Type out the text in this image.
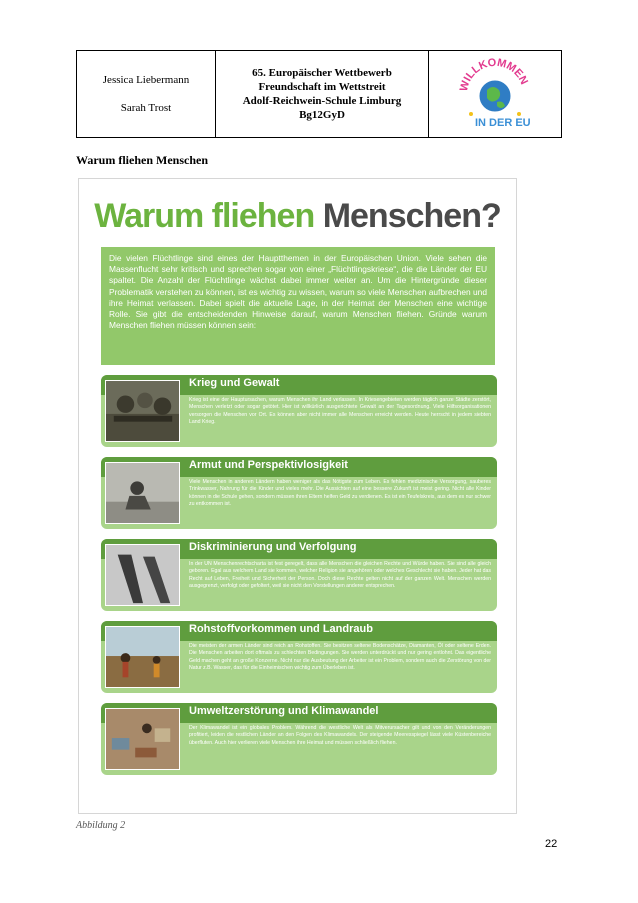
Jessica Liebermann
Sarah Trost
65. Europäischer Wettbewerb
Freundschaft im Wettstreit
Adolf-Reichwein-Schule Limburg
Bg12GyD
WILLKOMMEN
IN DER EU
Warum fliehen Menschen
Warum fliehen Menschen?
Die vielen Flüchtlinge sind eines der Hauptthemen in der Europäischen Union. Viele sehen die Massenflucht sehr kritisch und sprechen sogar von einer „Flüchtlingskriese“, die die Länder der EU spaltet. Die Anzahl der Flüchtlinge wächst dabei immer weiter an. Um die Hintergründe dieser Problematik verstehen zu können, ist es wichtig zu wissen, warum so viele Menschen aufbrechen und ihre Heimat verlassen. Dabei spielt die aktuelle Lage, in der Heimat der Menschen eine wichtige Rolle. Sie gibt die entscheidenden Hinweise darauf, warum Menschen fliehen. Gründe warum Menschen fliehen müssen können sein:
Krieg und Gewalt
Krieg ist eine der Hauptursachen, warum Menschen ihr Land verlassen. In Kriesengebieten werden täglich ganze Städte zerstört, Menschen verletzt oder sogar getötet. Hier ist willkürlich ausgerichtete Gewalt an der Tagesordnung. Viele Hilfsorganisationen versorgen die Menschen vor Ort. Es können aber nicht immer alle Menschen erreicht werden. Heute herrscht in jedem siebten Land Krieg.
Armut und Perspektivlosigkeit
Viele Menschen in anderen Ländern haben weniger als das Nötigste zum Leben. Es fehlen medizinische Versorgung, sauberes Trinkwasser, Nahrung für die Kinder und vieles mehr. Die Aussichten auf eine bessere Zukunft ist meist gering. Nicht alle Kinder können in die Schule gehen, sondern müssen ihren Eltern helfen Geld zu verdienen. Es ist ein Teufelskreis, aus dem es nur schwer zu entkommen ist.
Diskriminierung und Verfolgung
In der UN Menschenrechtscharta ist fest geregelt, dass alle Menschen die gleichen Rechte und Würde haben. Sie sind alle gleich geboren. Egal aus welchem Land sie kommen, welcher Religion sie angehören oder welches Geschlecht sie haben. Jeder hat das Recht auf Leben, Freiheit und Sicherheit der Person. Doch diese Rechte gelten nicht auf der ganzen Welt. Menschen werden ausgegrenzt, verfolgt oder gefoltert, weil sie nicht den Vorstellungen anderer entsprechen.
Rohstoffvorkommen und Landraub
Die meisten der armen Länder sind reich an Rohstoffen. Sie besitzen seltene Bodenschätze, Diamanten, Öl oder seltene Erden. Die Menschen arbeiten dort oftmals zu schlechten Bedingungen. Sie werden unterdrückt und nur gering entlohnt. Das eigentliche Geld machen geht an große Konzerne. Nicht nur die Ausbeutung der Arbeiter ist ein Problem, sondern auch die Zerstörung von der Natur z.B. Wasser, das für die Einheimischen wichtig zum Überleben ist.
Umweltzerstörung und Klimawandel
Der Klimawandel ist ein globales Problem. Während die westliche Welt als Mitverursacher gilt und von den Veränderungen profitiert, leiden die restlichen Länder an den Folgen des Klimawandels. Der steigende Meeresspiegel lässt viele Küstenbereiche überfluten. Auch hier verlieren viele Menschen ihre Heimat und müssen schließlich fliehen.
Abbildung 2
22
